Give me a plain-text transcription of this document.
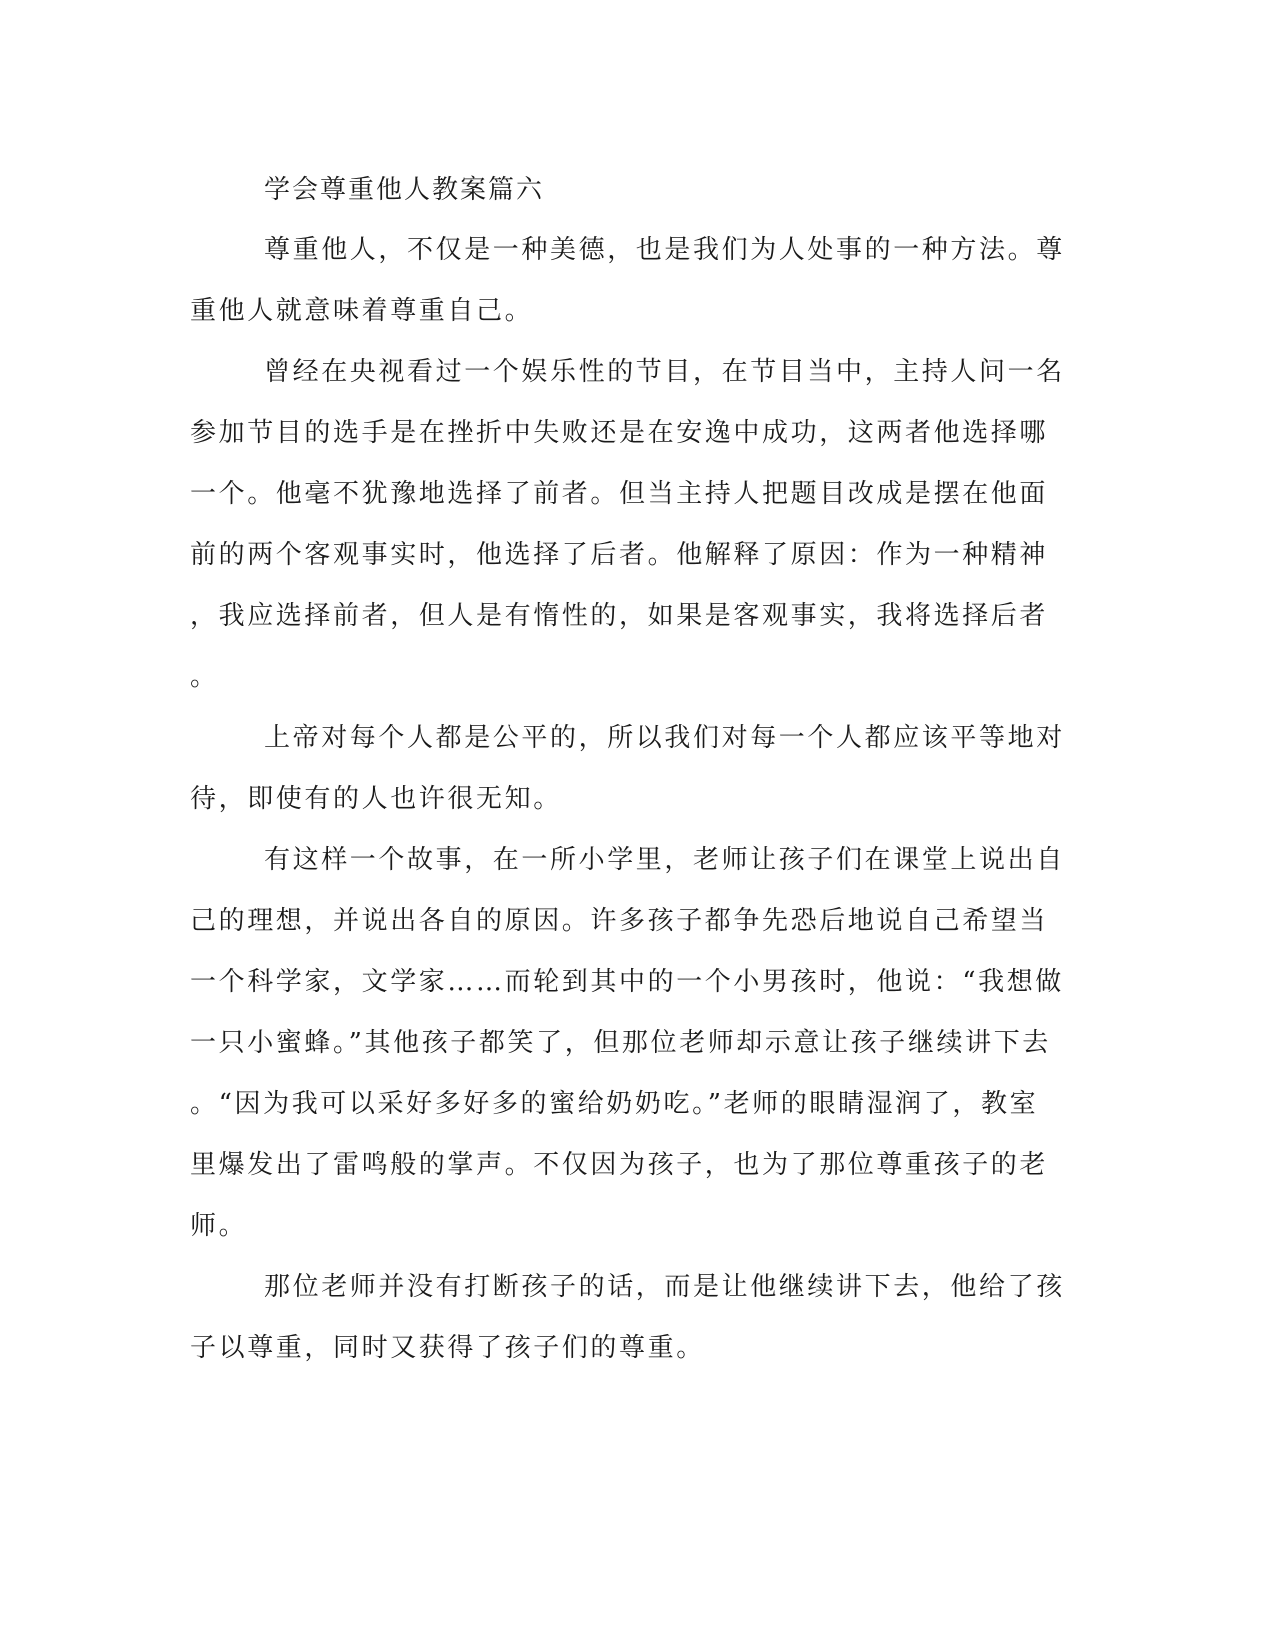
学会尊重他人教案篇六

尊重他人，不仅是一种美德，也是我们为人处事的一种方法。尊
重他人就意味着尊重自己。

曾经在央视看过一个娱乐性的节目，在节目当中，主持人问一名
参加节目的选手是在挫折中失败还是在安逸中成功，这两者他选择哪
一个。他毫不犹豫地选择了前者。但当主持人把题目改成是摆在他面
前的两个客观事实时，他选择了后者。他解释了原因：作为一种精神
，我应选择前者，但人是有惰性的，如果是客观事实，我将选择后者
。

上帝对每个人都是公平的，所以我们对每一个人都应该平等地对
待，即使有的人也许很无知。

有这样一个故事，在一所小学里，老师让孩子们在课堂上说出自
己的理想，并说出各自的原因。许多孩子都争先恐后地说自己希望当
一个科学家，文学家……而轮到其中的一个小男孩时，他说：“我想做
一只小蜜蜂。”其他孩子都笑了，但那位老师却示意让孩子继续讲下去
。“因为我可以采好多好多的蜜给奶奶吃。”老师的眼睛湿润了，教室
里爆发出了雷鸣般的掌声。不仅因为孩子，也为了那位尊重孩子的老
师。

那位老师并没有打断孩子的话，而是让他继续讲下去，他给了孩
子以尊重，同时又获得了孩子们的尊重。
